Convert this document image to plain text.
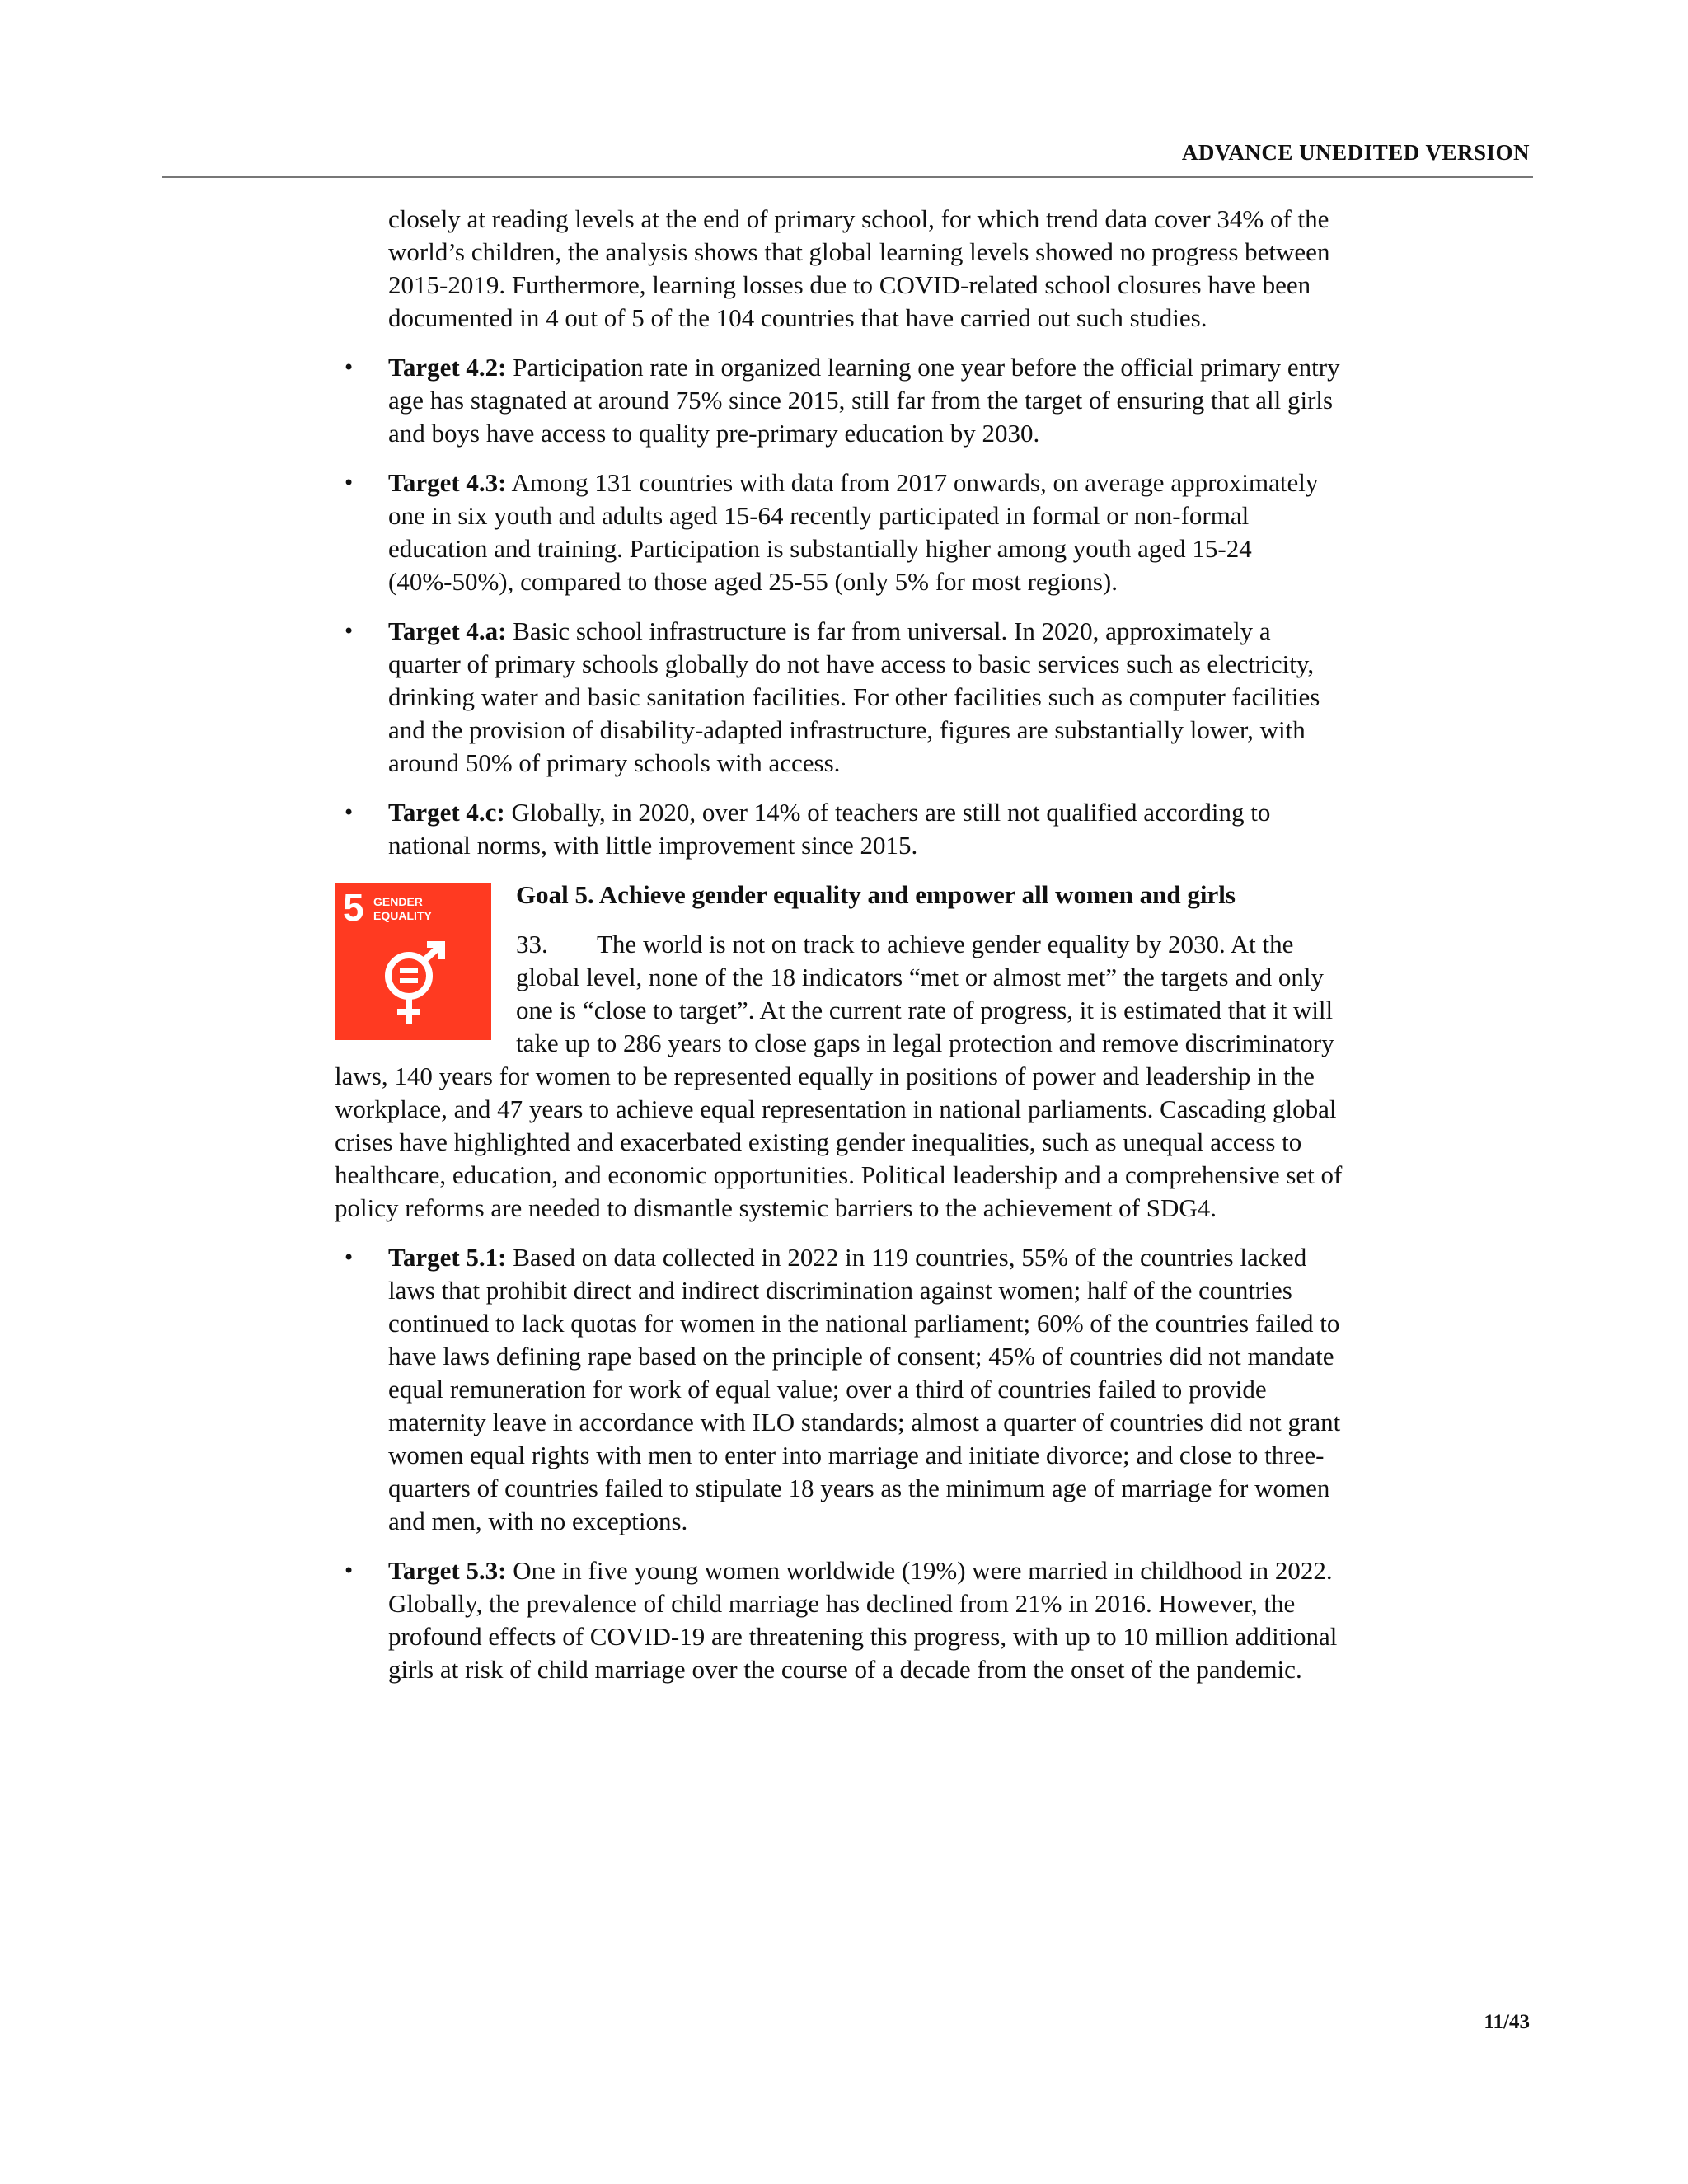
ADVANCE UNEDITED VERSION

closely at reading levels at the end of primary school, for which trend data cover 34% of the world’s children, the analysis shows that global learning levels showed no progress between 2015-2019. Furthermore, learning losses due to COVID-related school closures have been documented in 4 out of 5 of the 104 countries that have carried out such studies.

• Target 4.2: Participation rate in organized learning one year before the official primary entry age has stagnated at around 75% since 2015, still far from the target of ensuring that all girls and boys have access to quality pre-primary education by 2030.
• Target 4.3: Among 131 countries with data from 2017 onwards, on average approximately one in six youth and adults aged 15-64 recently participated in formal or non-formal education and training. Participation is substantially higher among youth aged 15-24 (40%-50%), compared to those aged 25-55 (only 5% for most regions).
• Target 4.a: Basic school infrastructure is far from universal. In 2020, approximately a quarter of primary schools globally do not have access to basic services such as electricity, drinking water and basic sanitation facilities. For other facilities such as computer facilities and the provision of disability-adapted infrastructure, figures are substantially lower, with around 50% of primary schools with access.
• Target 4.c: Globally, in 2020, over 14% of teachers are still not qualified according to national norms, with little improvement since 2015.
5 GENDER
EQUALITY

Goal 5. Achieve gender equality and empower all women and girls

33. The world is not on track to achieve gender equality by 2030. At the global level, none of the 18 indicators “met or almost met” the targets and only one is “close to target”. At the current rate of progress, it is estimated that it will take up to 286 years to close gaps in legal protection and remove discriminatory laws, 140 years for women to be represented equally in positions of power and leadership in the workplace, and 47 years to achieve equal representation in national parliaments. Cascading global crises have highlighted and exacerbated existing gender inequalities, such as unequal access to healthcare, education, and economic opportunities. Political leadership and a comprehensive set of policy reforms are needed to dismantle systemic barriers to the achievement of SDG4.

• Target 5.1: Based on data collected in 2022 in 119 countries, 55% of the countries lacked laws that prohibit direct and indirect discrimination against women; half of the countries continued to lack quotas for women in the national parliament; 60% of the countries failed to have laws defining rape based on the principle of consent; 45% of countries did not mandate equal remuneration for work of equal value; over a third of countries failed to provide maternity leave in accordance with ILO standards; almost a quarter of countries did not grant women equal rights with men to enter into marriage and initiate divorce; and close to three-quarters of countries failed to stipulate 18 years as the minimum age of marriage for women and men, with no exceptions.
• Target 5.3: One in five young women worldwide (19%) were married in childhood in 2022. Globally, the prevalence of child marriage has declined from 21% in 2016. However, the profound effects of COVID-19 are threatening this progress, with up to 10 million additional girls at risk of child marriage over the course of a decade from the onset of the pandemic.
11/43
